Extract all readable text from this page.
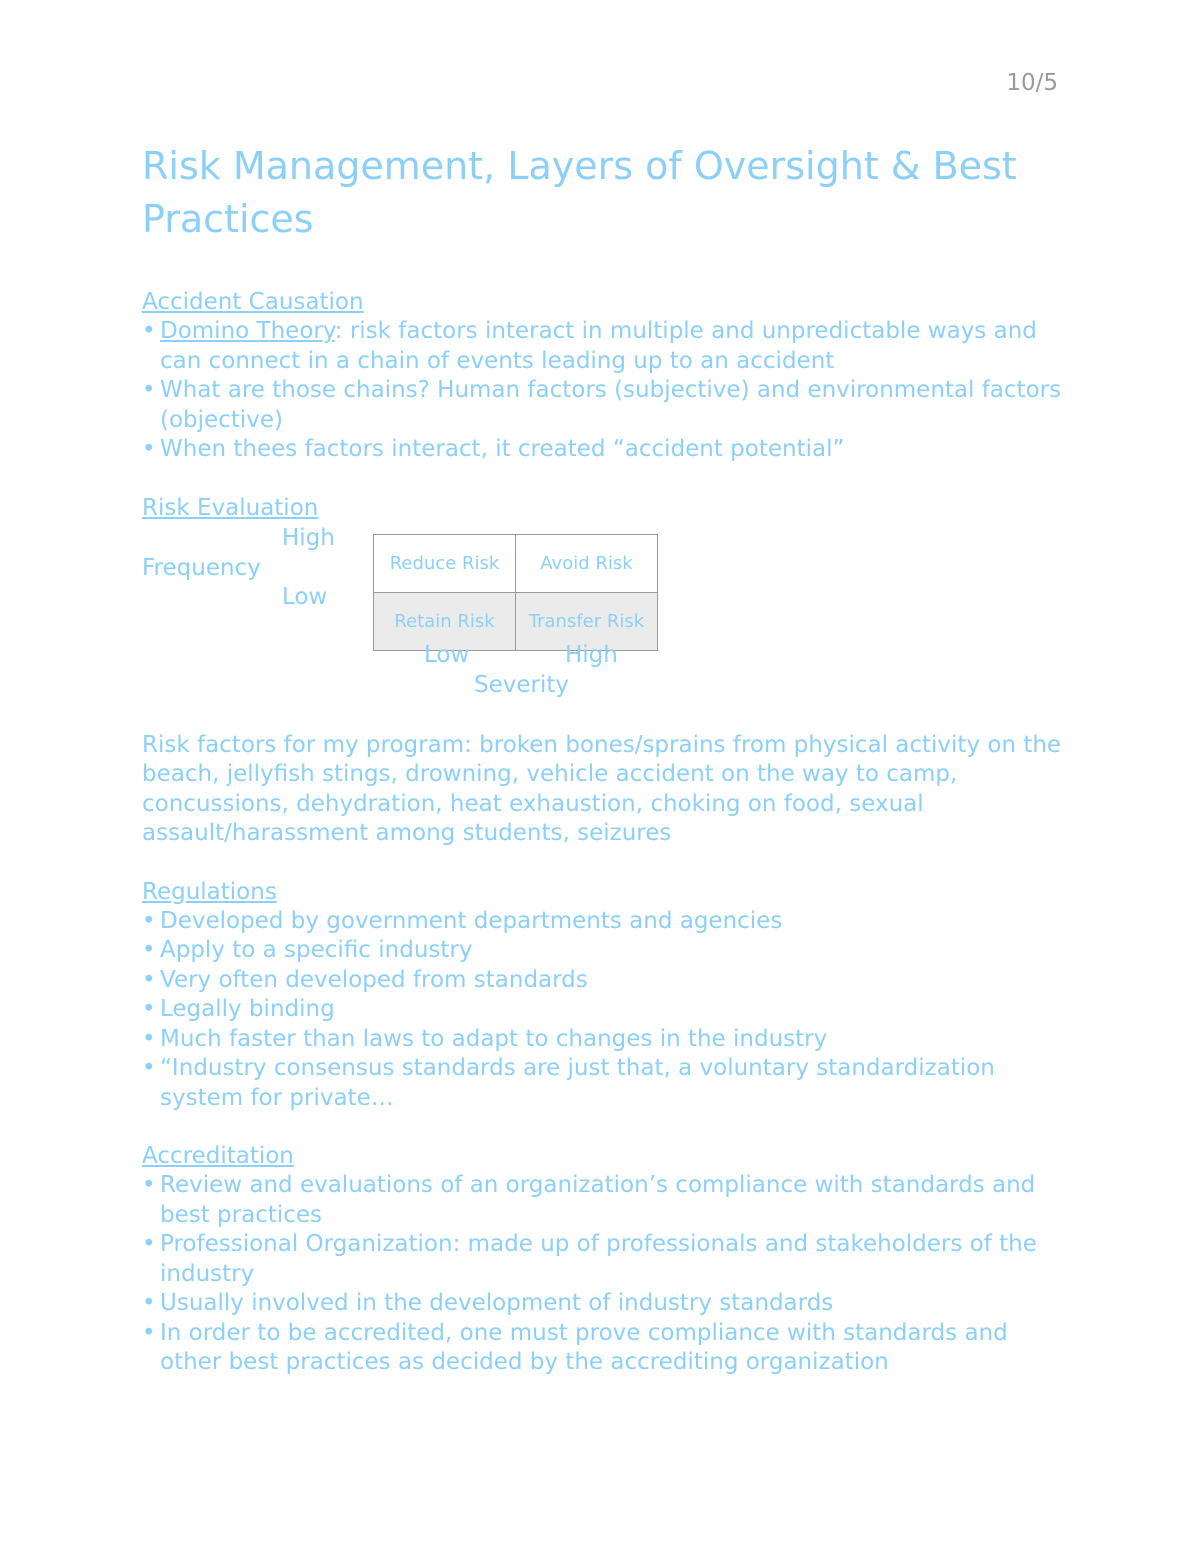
10/5
Risk Management, Layers of Oversight & Best Practices
Accident Causation
• Domino Theory: risk factors interact in multiple and unpredictable ways and can connect in a chain of events leading up to an accident
• What are those chains? Human factors (subjective) and environmental factors (objective)
• When thees factors interact, it created “accident potential”
Risk Evaluation
High
Frequency
Low
Reduce Risk	Avoid Risk
Retain Risk	Transfer Risk
Low	High
Severity

Risk factors for my program: broken bones/sprains from physical activity on the beach, jellyfish stings, drowning, vehicle accident on the way to camp, concussions, dehydration, heat exhaustion, choking on food, sexual assault/harassment among students, seizures

Regulations
• Developed by government departments and agencies
• Apply to a specific industry
• Very often developed from standards
• Legally binding
• Much faster than laws to adapt to changes in the industry
• “Industry consensus standards are just that, a voluntary standardization system for private…
Accreditation
• Review and evaluations of an organization’s compliance with standards and best practices
• Professional Organization: made up of professionals and stakeholders of the industry
• Usually involved in the development of industry standards
• In order to be accredited, one must prove compliance with standards and other best practices as decided by the accrediting organization
